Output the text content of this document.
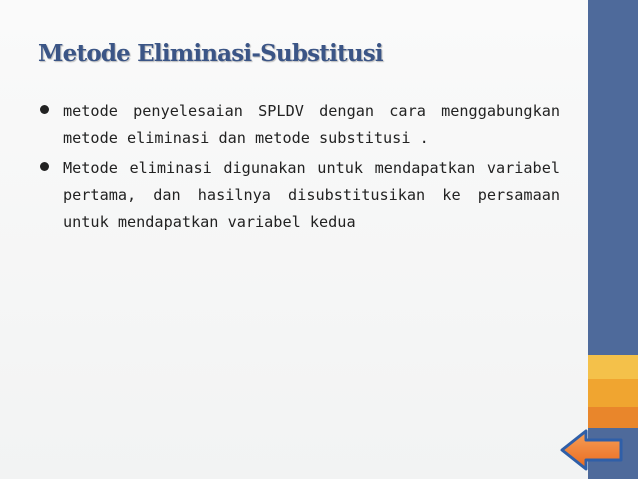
Metode Eliminasi-Substitusi
metode penyelesaian SPLDV dengan cara menggabungkan metode eliminasi dan metode substitusi .
Metode eliminasi digunakan untuk mendapatkan variabel pertama, dan hasilnya disubstitusikan ke persamaan untuk mendapatkan variabel kedua
